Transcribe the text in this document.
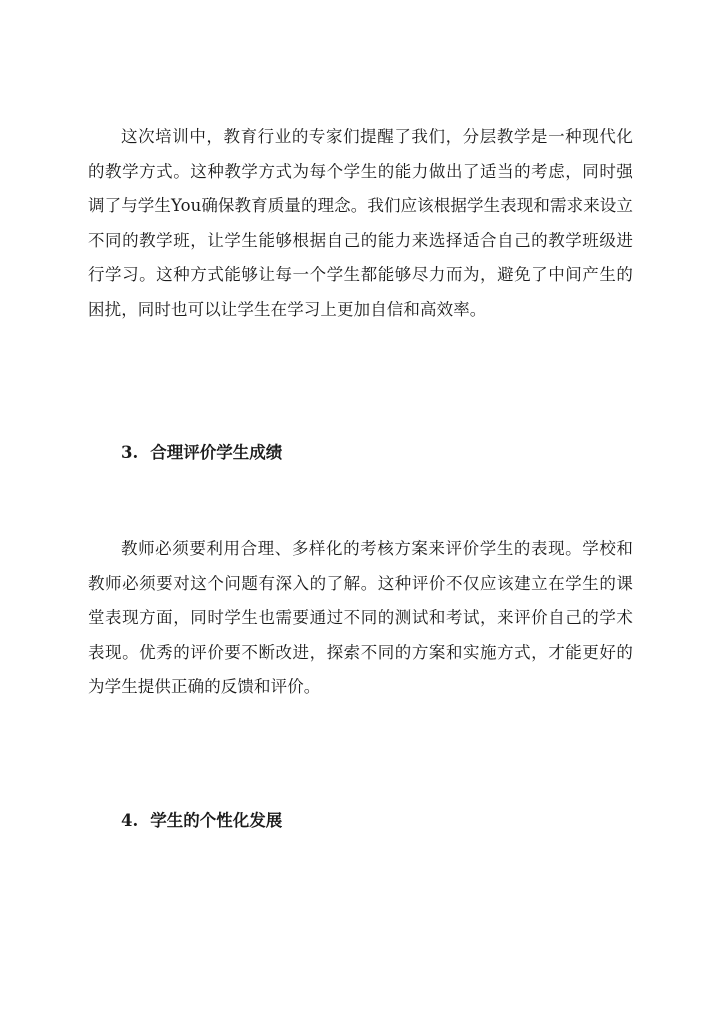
这次培训中，教育行业的专家们提醒了我们，分层教学是一种现代化的教学方式。这种教学方式为每个学生的能力做出了适当的考虑，同时强调了与学生You确保教育质量的理念。我们应该根据学生表现和需求来设立不同的教学班，让学生能够根据自己的能力来选择适合自己的教学班级进行学习。这种方式能够让每一个学生都能够尽力而为，避免了中间产生的困扰，同时也可以让学生在学习上更加自信和高效率。

3. 合理评价学生成绩

教师必须要利用合理、多样化的考核方案来评价学生的表现。学校和教师必须要对这个问题有深入的了解。这种评价不仅应该建立在学生的课堂表现方面，同时学生也需要通过不同的测试和考试，来评价自己的学术表现。优秀的评价要不断改进，探索不同的方案和实施方式，才能更好的为学生提供正确的反馈和评价。

4. 学生的个性化发展
